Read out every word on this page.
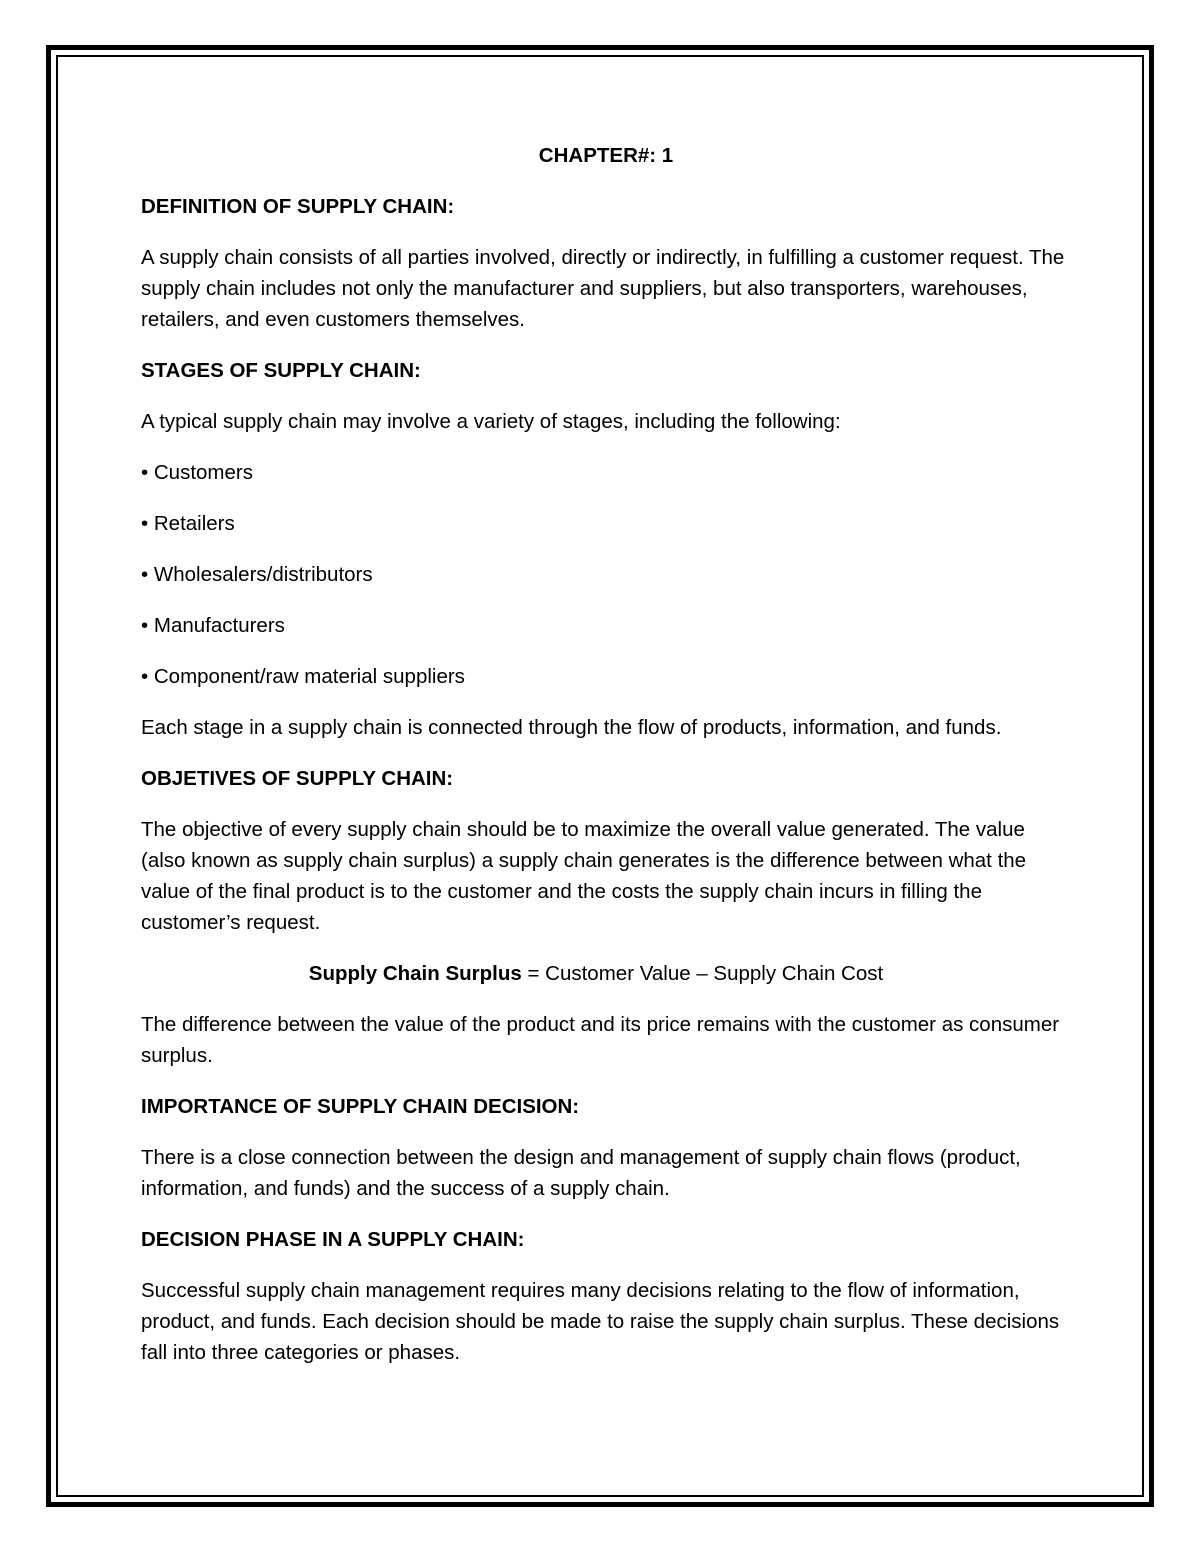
CHAPTER#: 1

DEFINITION OF SUPPLY CHAIN:

A supply chain consists of all parties involved, directly or indirectly, in fulfilling a customer request. The supply chain includes not only the manufacturer and suppliers, but also transporters, warehouses, retailers, and even customers themselves.

STAGES OF SUPPLY CHAIN:

A typical supply chain may involve a variety of stages, including the following:

• Customers

• Retailers

• Wholesalers/distributors

• Manufacturers

• Component/raw material suppliers

Each stage in a supply chain is connected through the flow of products, information, and funds.

OBJETIVES OF SUPPLY CHAIN:

The objective of every supply chain should be to maximize the overall value generated. The value (also known as supply chain surplus) a supply chain generates is the difference between what the value of the final product is to the customer and the costs the supply chain incurs in filling the customer’s request.

Supply Chain Surplus = Customer Value – Supply Chain Cost

The difference between the value of the product and its price remains with the customer as consumer surplus.

IMPORTANCE OF SUPPLY CHAIN DECISION:

There is a close connection between the design and management of supply chain flows (product, information, and funds) and the success of a supply chain.

DECISION PHASE IN A SUPPLY CHAIN:

Successful supply chain management requires many decisions relating to the flow of information, product, and funds. Each decision should be made to raise the supply chain surplus. These decisions fall into three categories or phases.
